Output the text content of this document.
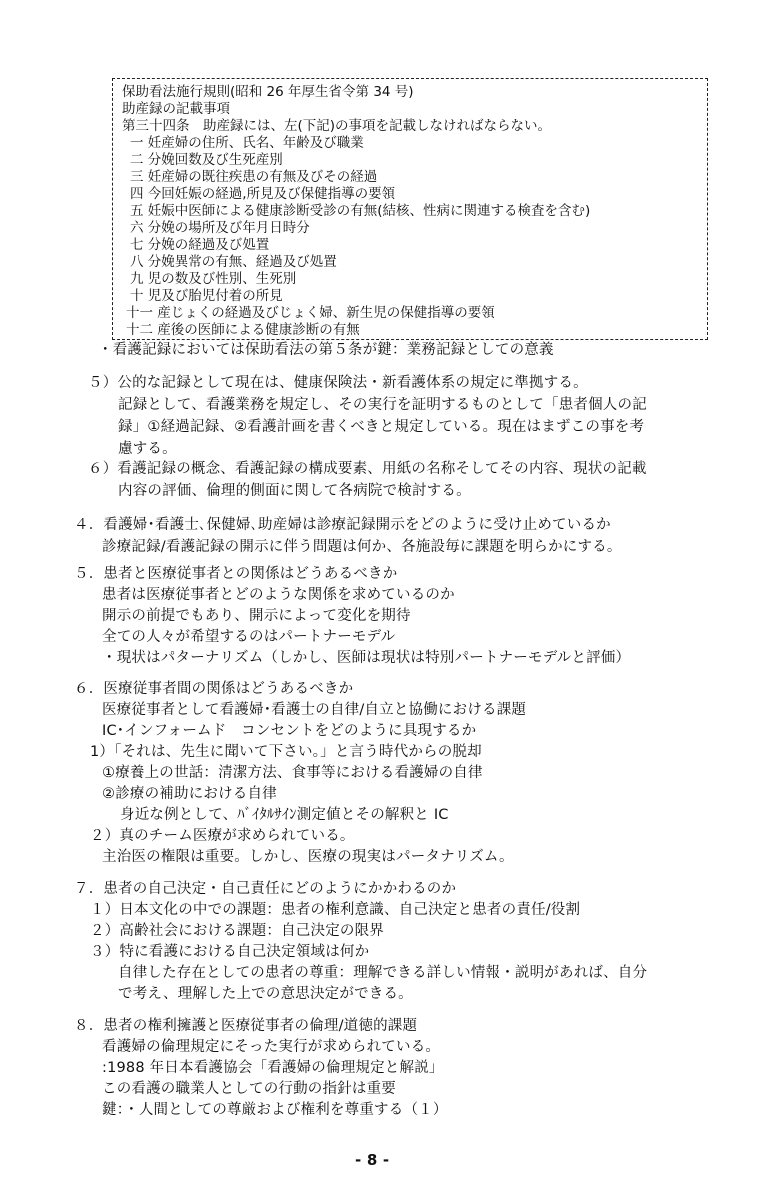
保助看法施行規則(昭和 26 年厚生省令第 34 号)
助産録の記載事項
第三十四条　助産録には、左(下記)の事項を記載しなければならない。
一 妊産婦の住所、氏名、年齢及び職業
二 分娩回数及び生死産別
三 妊産婦の既往疾患の有無及びその経過
四 今回妊娠の経過,所見及び保健指導の要領
五 妊娠中医師による健康診断受診の有無(結核、性病に関連する検査を含む)
六 分娩の場所及び年月日時分
七 分娩の経過及び処置
八 分娩異常の有無、経過及び処置
九 児の数及び性別、生死別
十 児及び胎児付着の所見
十一 産じょくの経過及びじょく婦、新生児の保健指導の要領
十二 産後の医師による健康診断の有無
・看護記録においては保助看法の第５条が鍵：業務記録としての意義
５）公的な記録として現在は、健康保険法・新看護体系の規定に準拠する。
記録として、看護業務を規定し、その実行を証明するものとして「患者個人の記
録」①経過記録、②看護計画を書くべきと規定している。現在はまずこの事を考
慮する。
６）看護記録の概念、看護記録の構成要素、用紙の名称そしてその内容、現状の記載
内容の評価、倫理的側面に関して各病院で検討する。
４．看護婦･看護士､保健婦､助産婦は診療記録開示をどのように受け止めているか
診療記録/看護記録の開示に伴う問題は何か、各施設毎に課題を明らかにする。
５．患者と医療従事者との関係はどうあるべきか
患者は医療従事者とどのような関係を求めているのか
開示の前提でもあり、開示によって変化を期待
全ての人々が希望するのはパートナーモデル
・現状はパターナリズム（しかし、医師は現状は特別パートナーモデルと評価）
６．医療従事者間の関係はどうあるべきか
医療従事者として看護婦･看護士の自律/自立と協働における課題
IC･インフォームド　コンセントをどのように具現するか
1）「それは、先生に聞いて下さい。」と言う時代からの脱却
①療養上の世話：清潔方法、食事等における看護婦の自律
②診療の補助における自律
身近な例として、ﾊﾞｲﾀﾙｻｲﾝ測定値とその解釈と IC
２）真のチーム医療が求められている。
主治医の権限は重要。しかし、医療の現実はパータナリズム。
７．患者の自己決定・自己責任にどのようにかかわるのか
１）日本文化の中での課題：患者の権利意識、自己決定と患者の責任/役割
２）高齢社会における課題：自己決定の限界
３）特に看護における自己決定領域は何か
自律した存在としての患者の尊重：理解できる詳しい情報・説明があれば、自分
で考え、理解した上での意思決定ができる。
８．患者の権利擁護と医療従事者の倫理/道徳的課題
看護婦の倫理規定にそった実行が求められている。
:1988 年日本看護協会「看護婦の倫理規定と解説」
この看護の職業人としての行動の指針は重要
鍵：・人間としての尊厳および権利を尊重する（１）
- 8 -
